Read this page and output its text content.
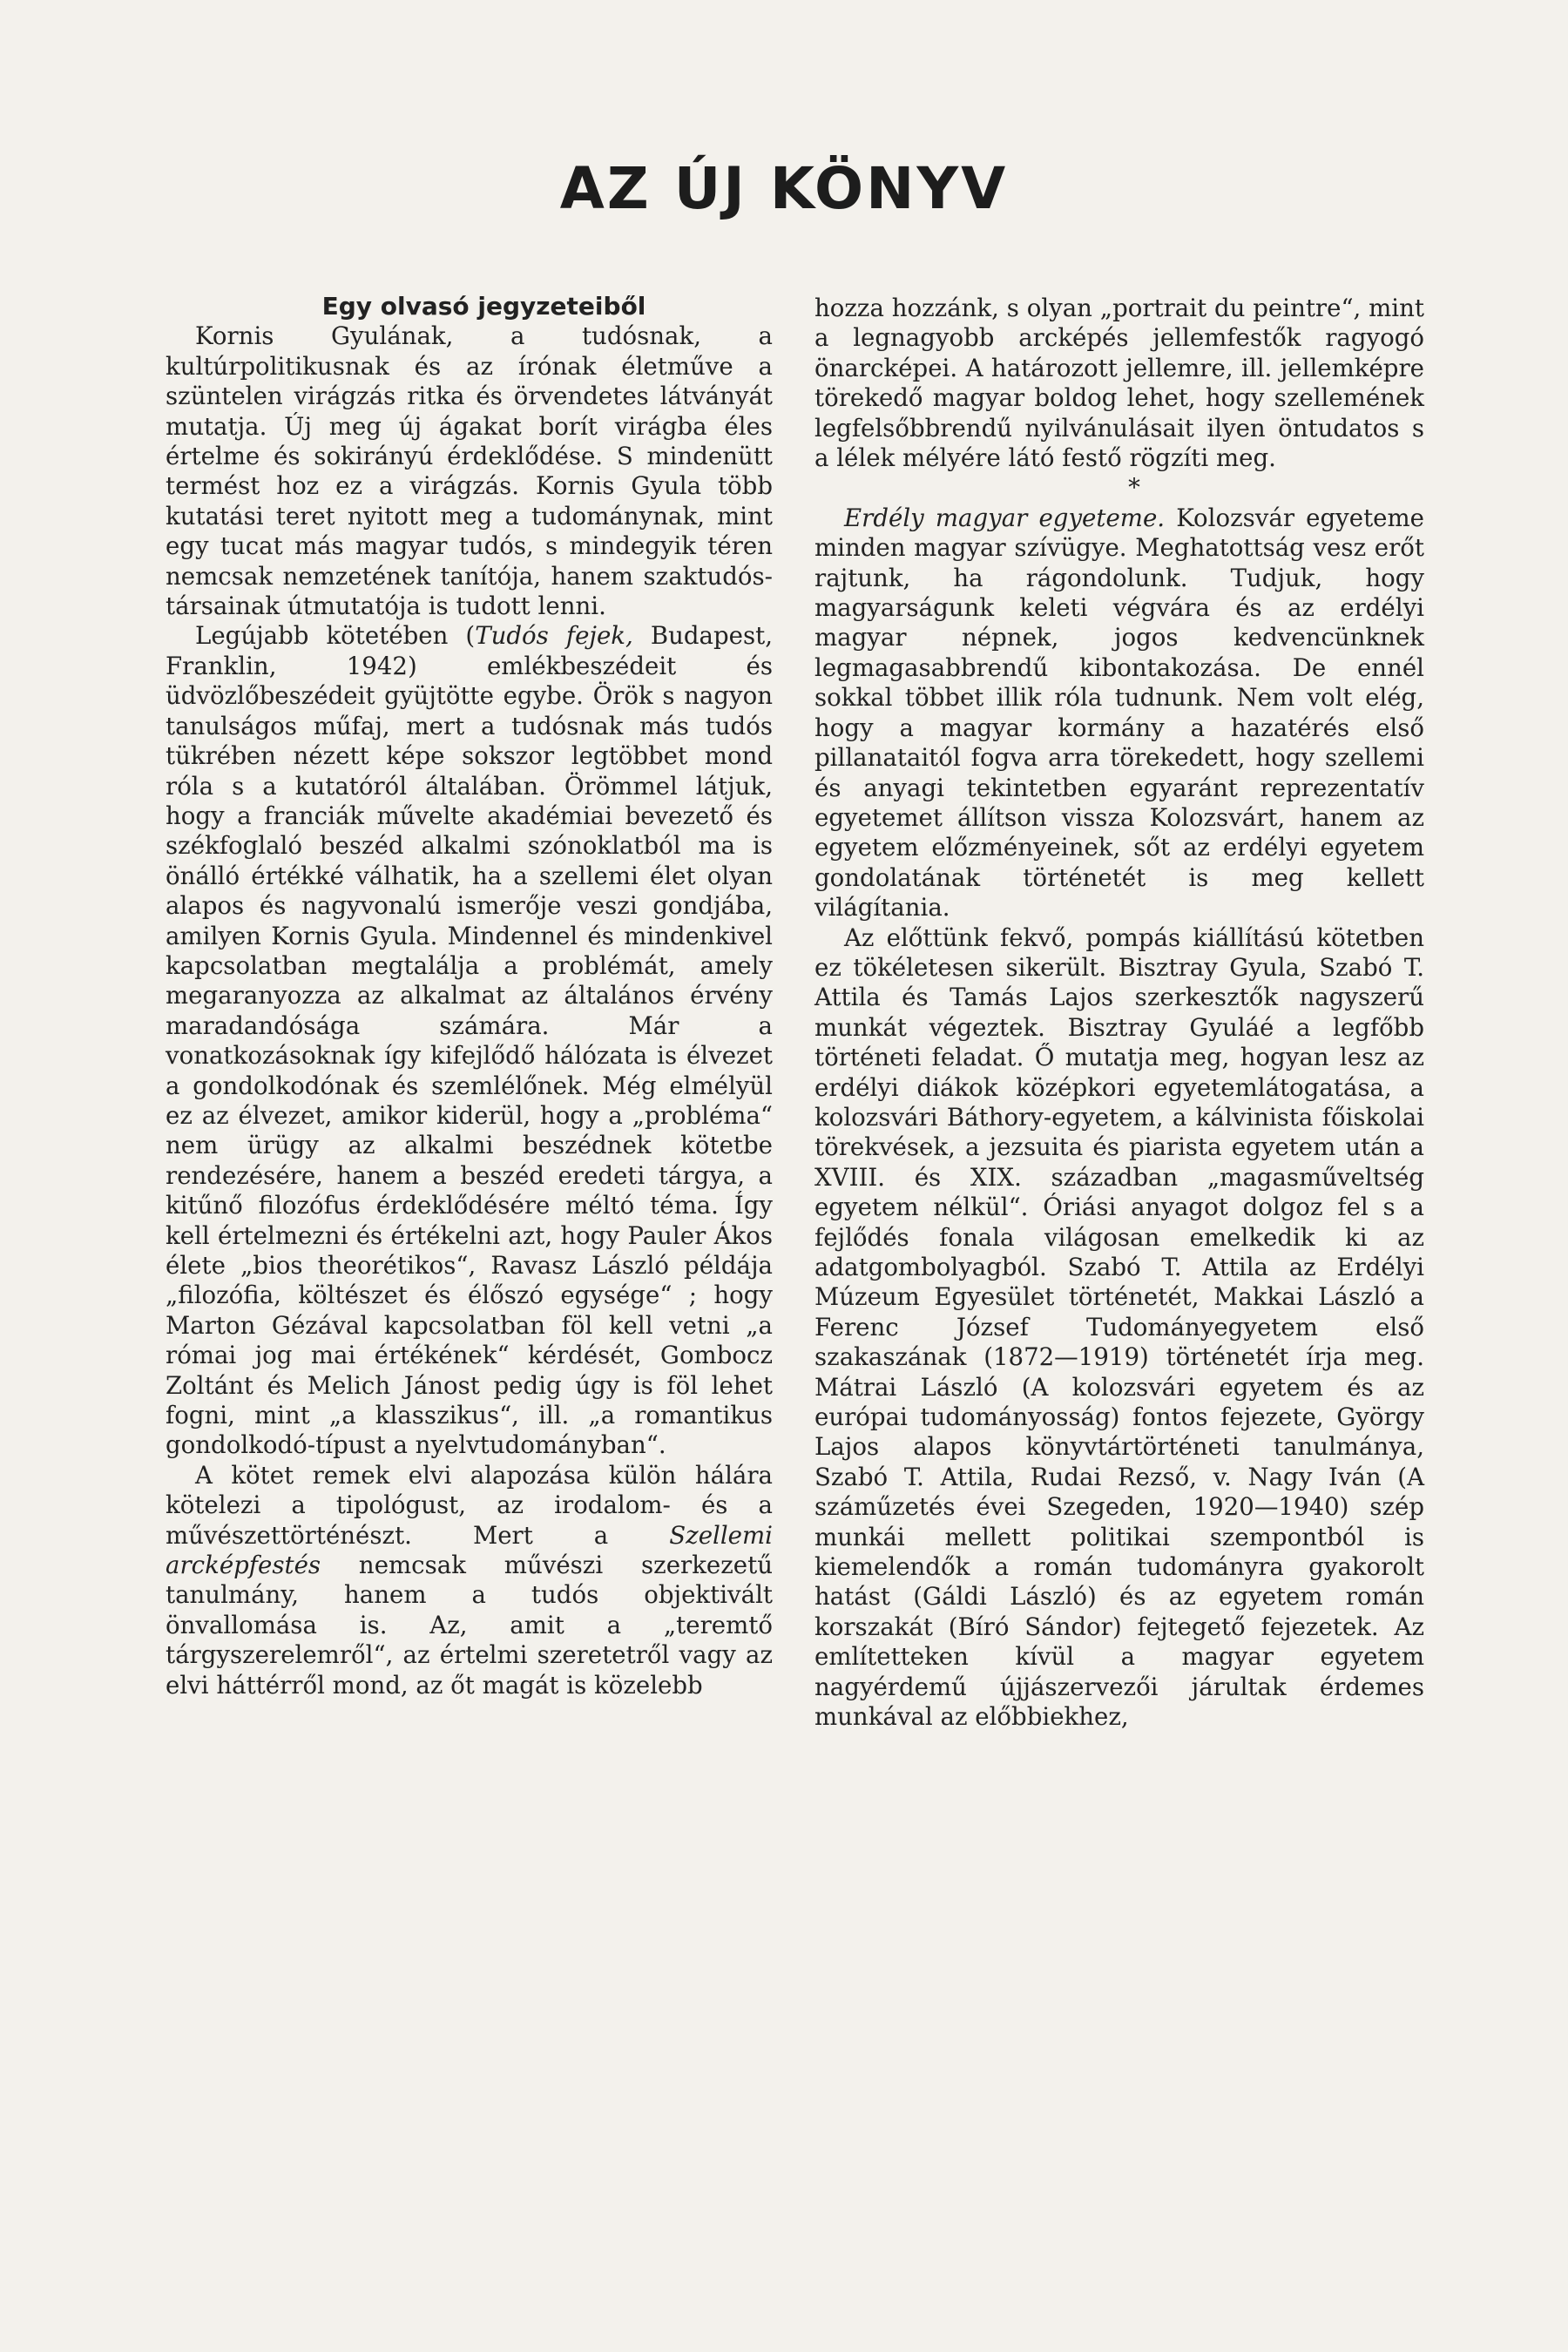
AZ ÚJ KÖNYV

Egy olvasó jegyzeteiből

Kornis Gyulának, a tudósnak, a kultúrpolitikusnak és az írónak életműve a szüntelen virágzás ritka és örvendetes látványát mutatja. Új meg új ágakat borít virágba éles értelme és sokirányú érdeklődése. S mindenütt termést hoz ez a virágzás. Kornis Gyula több kutatási teret nyitott meg a tudománynak, mint egy tucat más magyar tudós, s mindegyik téren nemcsak nemzetének tanítója, hanem szaktudós-társainak útmutatója is tudott lenni.

Legújabb kötetében (Tudós fejek, Budapest, Franklin, 1942) emlékbeszédeit és üdvözlőbeszédeit gyüjtötte egybe. Örök s nagyon tanulságos műfaj, mert a tudósnak más tudós tükrében nézett képe sokszor legtöbbet mond róla s a kutatóról általában. Örömmel látjuk, hogy a franciák művelte akadémiai bevezető és székfoglaló beszéd alkalmi szónoklatból ma is önálló értékké válhatik, ha a szellemi élet olyan alapos és nagyvonalú ismerője veszi gondjába, amilyen Kornis Gyula. Mindennel és mindenkivel kapcsolatban megtalálja a problémát, amely megaranyozza az alkalmat az általános érvény maradandósága számára. Már a vonatkozásoknak így kifejlődő hálózata is élvezet a gondolkodónak és szemlélőnek. Még elmélyül ez az élvezet, amikor kiderül, hogy a „probléma“ nem ürügy az alkalmi beszédnek kötetbe rendezésére, hanem a beszéd eredeti tárgya, a kitűnő filozófus érdeklődésére méltó téma. Így kell értelmezni és értékelni azt, hogy Pauler Ákos élete „bios theorétikos“, Ravasz László példája „filozófia, költészet és élőszó egysége“ ; hogy Marton Gézával kapcsolatban föl kell vetni „a római jog mai értékének“ kérdését, Gombocz Zoltánt és Melich Jánost pedig úgy is föl lehet fogni, mint „a klasszikus“, ill. „a romantikus gondolkodó-típust a nyelvtudományban“.

A kötet remek elvi alapozása külön hálára kötelezi a tipológust, az irodalom- és a művészettörténészt. Mert a Szellemi arcképfestés nemcsak művészi szerkezetű tanulmány, hanem a tudós objektivált önvallomása is. Az, amit a „teremtő tárgyszerelemről“, az értelmi szeretetről vagy az elvi háttérről mond, az őt magát is közelebb

hozza hozzánk, s olyan „portrait du peintre“, mint a legnagyobb arcképés jellemfestők ragyogó önarcképei. A határozott jellemre, ill. jellemképre törekedő magyar boldog lehet, hogy szellemének legfelsőbbrendű nyilvánulásait ilyen öntudatos s a lélek mélyére látó festő rögzíti meg.

*

Erdély magyar egyeteme. Kolozsvár egyeteme minden magyar szívügye. Meghatottság vesz erőt rajtunk, ha rágondolunk. Tudjuk, hogy magyarságunk keleti végvára és az erdélyi magyar népnek, jogos kedvencünknek legmagasabbrendű kibontakozása. De ennél sokkal többet illik róla tudnunk. Nem volt elég, hogy a magyar kormány a hazatérés első pillanataitól fogva arra törekedett, hogy szellemi és anyagi tekintetben egyaránt reprezentatív egyetemet állítson vissza Kolozsvárt, hanem az egyetem előzményeinek, sőt az erdélyi egyetem gondolatának történetét is meg kellett világítania.

Az előttünk fekvő, pompás kiállítású kötetben ez tökéletesen sikerült. Bisztray Gyula, Szabó T. Attila és Tamás Lajos szerkesztők nagyszerű munkát végeztek. Bisztray Gyuláé a legfőbb történeti feladat. Ő mutatja meg, hogyan lesz az erdélyi diákok középkori egyetemlátogatása, a kolozsvári Báthory-egyetem, a kálvinista főiskolai törekvések, a jezsuita és piarista egyetem után a XVIII. és XIX. században „magasműveltség egyetem nélkül“. Óriási anyagot dolgoz fel s a fejlődés fonala világosan emelkedik ki az adatgombolyagból. Szabó T. Attila az Erdélyi Múzeum Egyesület történetét, Makkai László a Ferenc József Tudományegyetem első szakaszának (1872—1919) történetét írja meg. Mátrai László (A kolozsvári egyetem és az európai tudományosság) fontos fejezete, György Lajos alapos könyvtártörténeti tanulmánya, Szabó T. Attila, Rudai Rezső, v. Nagy Iván (A száműzetés évei Szegeden, 1920—1940) szép munkái mellett politikai szempontból is kiemelendők a román tudományra gyakorolt hatást (Gáldi László) és az egyetem román korszakát (Bíró Sándor) fejtegető fejezetek. Az említetteken kívül a magyar egyetem nagyérdemű újjászervezői járultak érdemes munkával az előbbiekhez,
